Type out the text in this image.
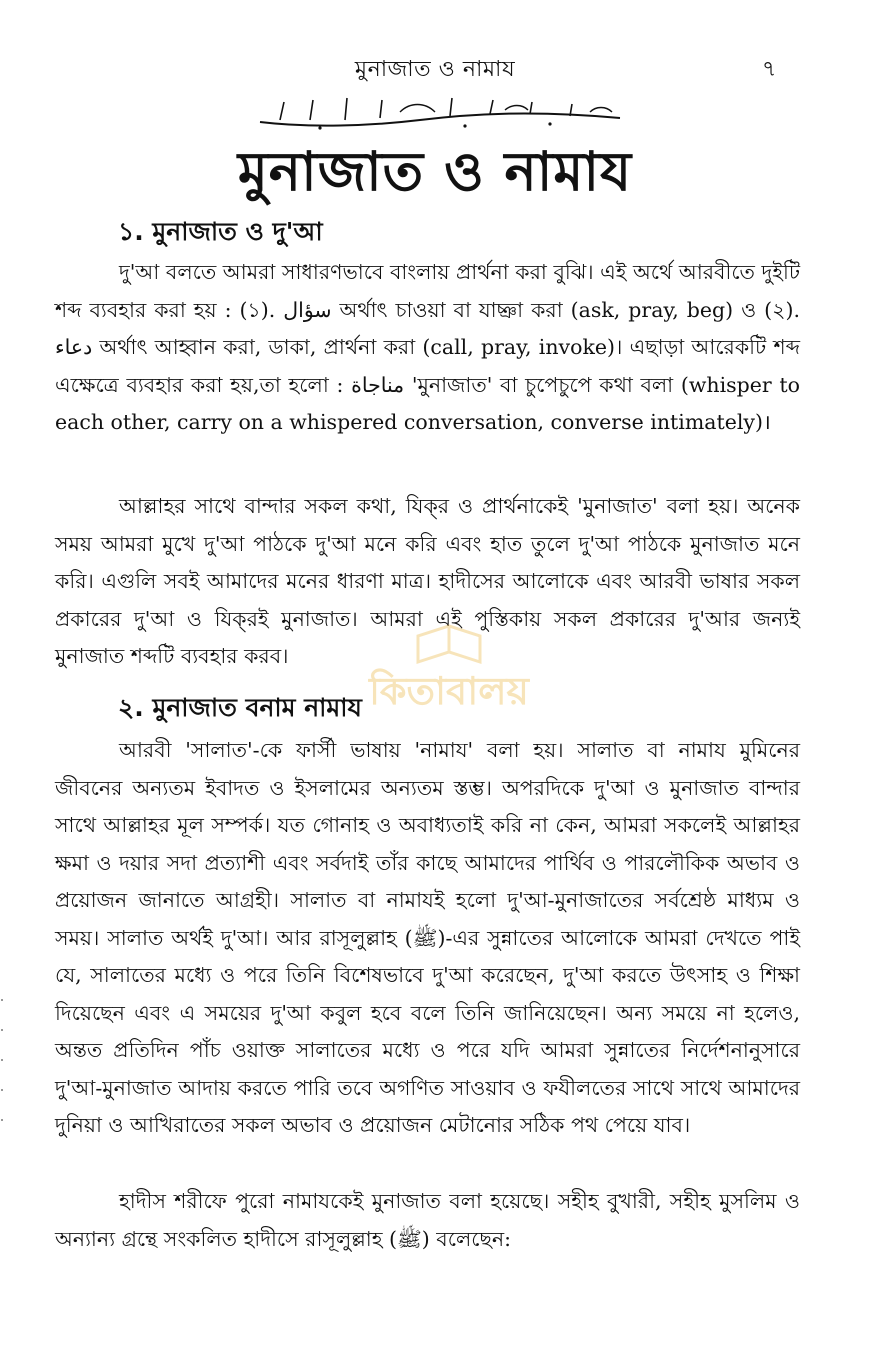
মুনাজাত ও নামায	৭
মুনাজাত ও নামায
১. মুনাজাত ও দু'আ

দু'আ বলতে আমরা সাধারণভাবে বাংলায় প্রার্থনা করা বুঝি। এই অর্থে আরবীতে দুইটি শব্দ ব্যবহার করা হয় : (১). سؤال অর্থাৎ চাওয়া বা যাচ্ঞা করা (ask, pray, beg) ও (২). دعاء অর্থাৎ আহ্বান করা, ডাকা, প্রার্থনা করা (call, pray, invoke)। এছাড়া আরেকটি শব্দ এক্ষেত্রে ব্যবহার করা হয়,তা হলো : مناجاة 'মুনাজাত' বা চুপেচুপে কথা বলা (whisper to each other, carry on a whispered conversation, converse intimately)।

আল্লাহর সাথে বান্দার সকল কথা, যিক্‌র ও প্রার্থনাকেই 'মুনাজাত' বলা হয়। অনেক সময় আমরা মুখে দু'আ পাঠকে দু'আ মনে করি এবং হাত তুলে দু'আ পাঠকে মুনাজাত মনে করি। এগুলি সবই আমাদের মনের ধারণা মাত্র। হাদীসের আলোকে এবং আরবী ভাষার সকল প্রকারের দু'আ ও যিক্‌রই মুনাজাত। আমরা এই পুস্তিকায় সকল প্রকারের দু'আর জন্যই মুনাজাত শব্দটি ব্যবহার করব।

২. মুনাজাত বনাম নামায

আরবী 'সালাত'-কে ফার্সী ভাষায় 'নামায' বলা হয়। সালাত বা নামায মুমিনের জীবনের অন্যতম ইবাদত ও ইসলামের অন্যতম স্তম্ভ। অপরদিকে দু'আ ও মুনাজাত বান্দার সাথে আল্লাহর মূল সম্পর্ক। যত গোনাহ ও অবাধ্যতাই করি না কেন, আমরা সকলেই আল্লাহর ক্ষমা ও দয়ার সদা প্রত্যাশী এবং সর্বদাই তাঁর কাছে আমাদের পার্থিব ও পারলৌকিক অভাব ও প্রয়োজন জানাতে আগ্রহী। সালাত বা নামাযই হলো দু'আ-মুনাজাতের সর্বশ্রেষ্ঠ মাধ্যম ও সময়। সালাত অর্থই দু'আ। আর রাসূলুল্লাহ (ﷺ)-এর সুন্নাতের আলোকে আমরা দেখতে পাই যে, সালাতের মধ্যে ও পরে তিনি বিশেষভাবে দু'আ করেছেন, দু'আ করতে উৎসাহ ও শিক্ষা দিয়েছেন এবং এ সময়ের দু'আ কবুল হবে বলে তিনি জানিয়েছেন। অন্য সময়ে না হলেও, অন্তত প্রতিদিন পাঁচ ওয়াক্ত সালাতের মধ্যে ও পরে যদি আমরা সুন্নাতের নির্দেশনানুসারে দু'আ-মুনাজাত আদায় করতে পারি তবে অগণিত সাওয়াব ও ফযীলতের সাথে সাথে আমাদের দুনিয়া ও আখিরাতের সকল অভাব ও প্রয়োজন মেটানোর সঠিক পথ পেয়ে যাব।

হাদীস শরীফে পুরো নামাযকেই মুনাজাত বলা হয়েছে। সহীহ বুখারী, সহীহ মুসলিম ও অন্যান্য গ্রন্থে সংকলিত হাদীসে রাসূলুল্লাহ (ﷺ) বলেছেন:

কিতাবালয়
